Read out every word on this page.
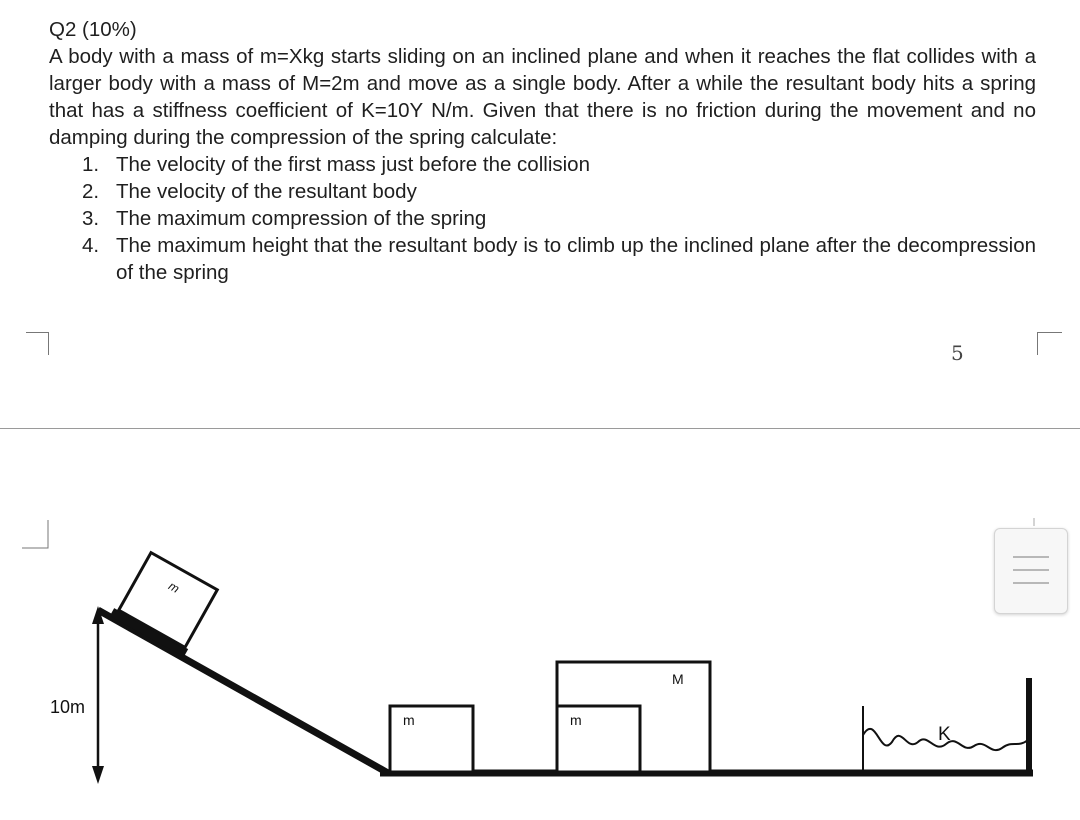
Q2 (10%)
A body with a mass of m=Xkg starts sliding on an inclined plane and when it reaches the flat collides with a larger body with a mass of M=2m and move as a single body. After a while the resultant body hits a spring that has a stiffness coefficient of K=10Y N/m. Given that there is no friction during the movement and no damping during the compression of the spring calculate:
1. The velocity of the first mass just before the collision
2. The velocity of the resultant body
3. The maximum compression of the spring
4. The maximum height that the resultant body is to climb up the inclined plane after the decompression of the spring
5
10m
m
m	m
M
K
